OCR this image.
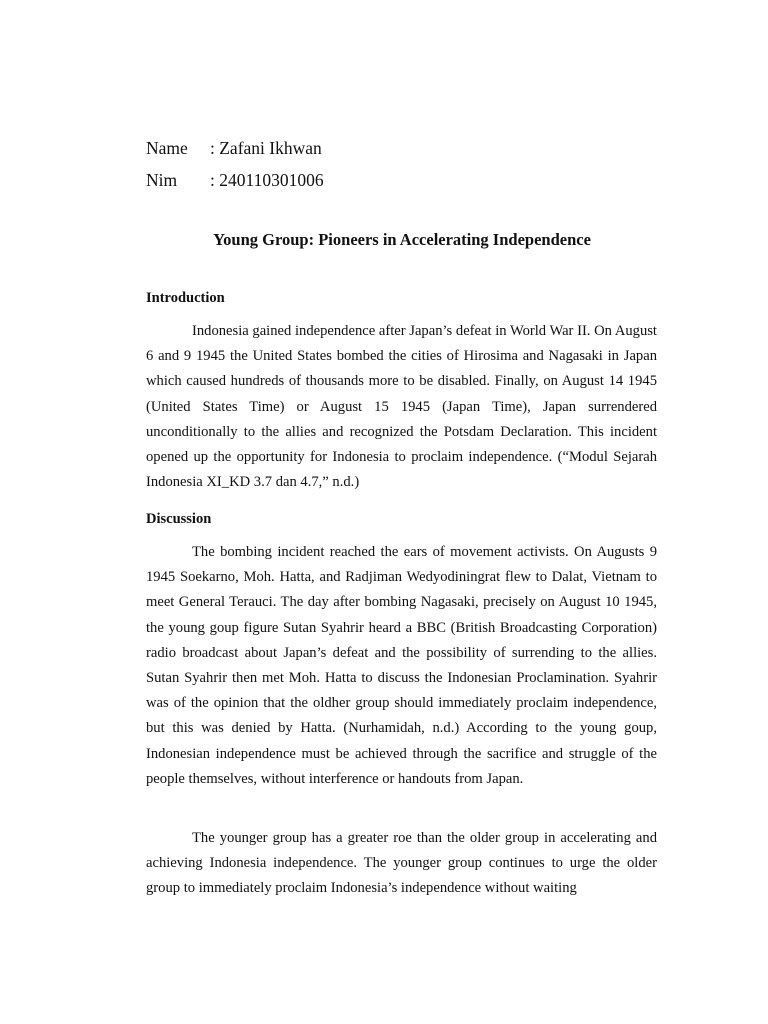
Name : Zafani Ikhwan
Nim : 240110301006
Young Group: Pioneers in Accelerating Independence
Introduction

Indonesia gained independence after Japan’s defeat in World War II. On August 6 and 9 1945 the United States bombed the cities of Hirosima and Nagasaki in Japan which caused hundreds of thousands more to be disabled. Finally, on August 14 1945 (United States Time) or August 15 1945 (Japan Time), Japan surrendered unconditionally to the allies and recognized the Potsdam Declaration. This incident opened up the opportunity for Indonesia to proclaim independence. (“Modul Sejarah Indonesia XI_KD 3.7 dan 4.7,” n.d.)

Discussion

The bombing incident reached the ears of movement activists. On Augusts 9 1945 Soekarno, Moh. Hatta, and Radjiman Wedyodiningrat flew to Dalat, Vietnam to meet General Terauci. The day after bombing Nagasaki, precisely on August 10 1945, the young goup figure Sutan Syahrir heard a BBC (British Broadcasting Corporation) radio broadcast about Japan’s defeat and the possibility of surrending to the allies. Sutan Syahrir then met Moh. Hatta to discuss the Indonesian Proclamination. Syahrir was of the opinion that the oldher group should immediately proclaim independence, but this was denied by Hatta. (Nurhamidah, n.d.) According to the young goup, Indonesian independence must be achieved through the sacrifice and struggle of the people themselves, without interference or handouts from Japan.

The younger group has a greater roe than the older group in accelerating and achieving Indonesia independence. The younger group continues to urge the older group to immediately proclaim Indonesia’s independence without waiting
